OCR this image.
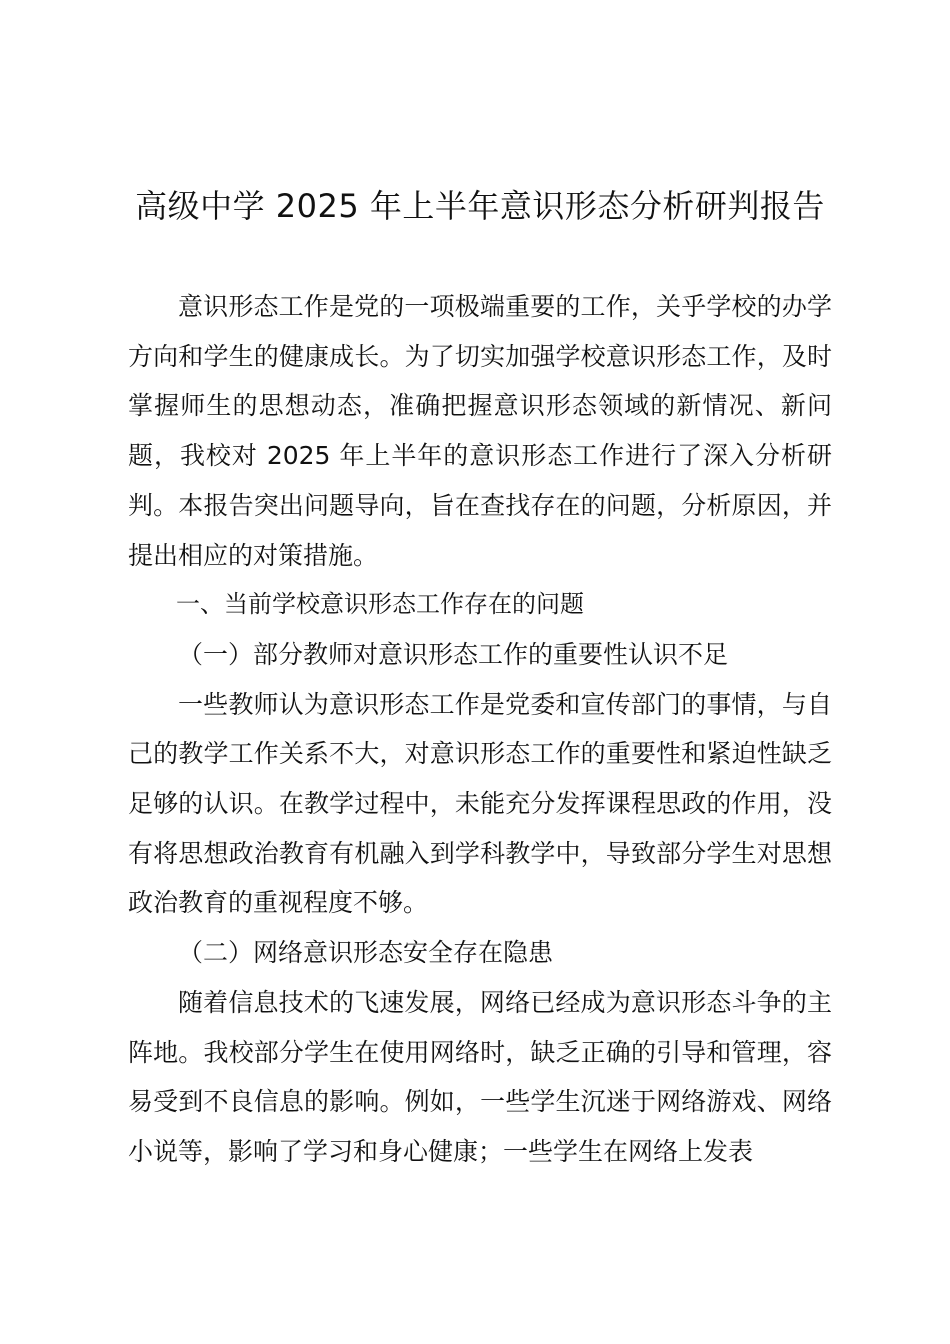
高级中学 2025 年上半年意识形态分析研判报告

意识形态工作是党的一项极端重要的工作，关乎学校的办学方向和学生的健康成长。为了切实加强学校意识形态工作，及时掌握师生的思想动态，准确把握意识形态领域的新情况、新问题，我校对 2025 年上半年的意识形态工作进行了深入分析研判。本报告突出问题导向，旨在查找存在的问题，分析原因，并提出相应的对策措施。

一、当前学校意识形态工作存在的问题

（一）部分教师对意识形态工作的重要性认识不足

一些教师认为意识形态工作是党委和宣传部门的事情，与自己的教学工作关系不大，对意识形态工作的重要性和紧迫性缺乏足够的认识。在教学过程中，未能充分发挥课程思政的作用，没有将思想政治教育有机融入到学科教学中，导致部分学生对思想政治教育的重视程度不够。

（二）网络意识形态安全存在隐患

随着信息技术的飞速发展，网络已经成为意识形态斗争的主阵地。我校部分学生在使用网络时，缺乏正确的引导和管理，容易受到不良信息的影响。例如，一些学生沉迷于网络游戏、网络小说等，影响了学习和身心健康；一些学生在网络上发表
